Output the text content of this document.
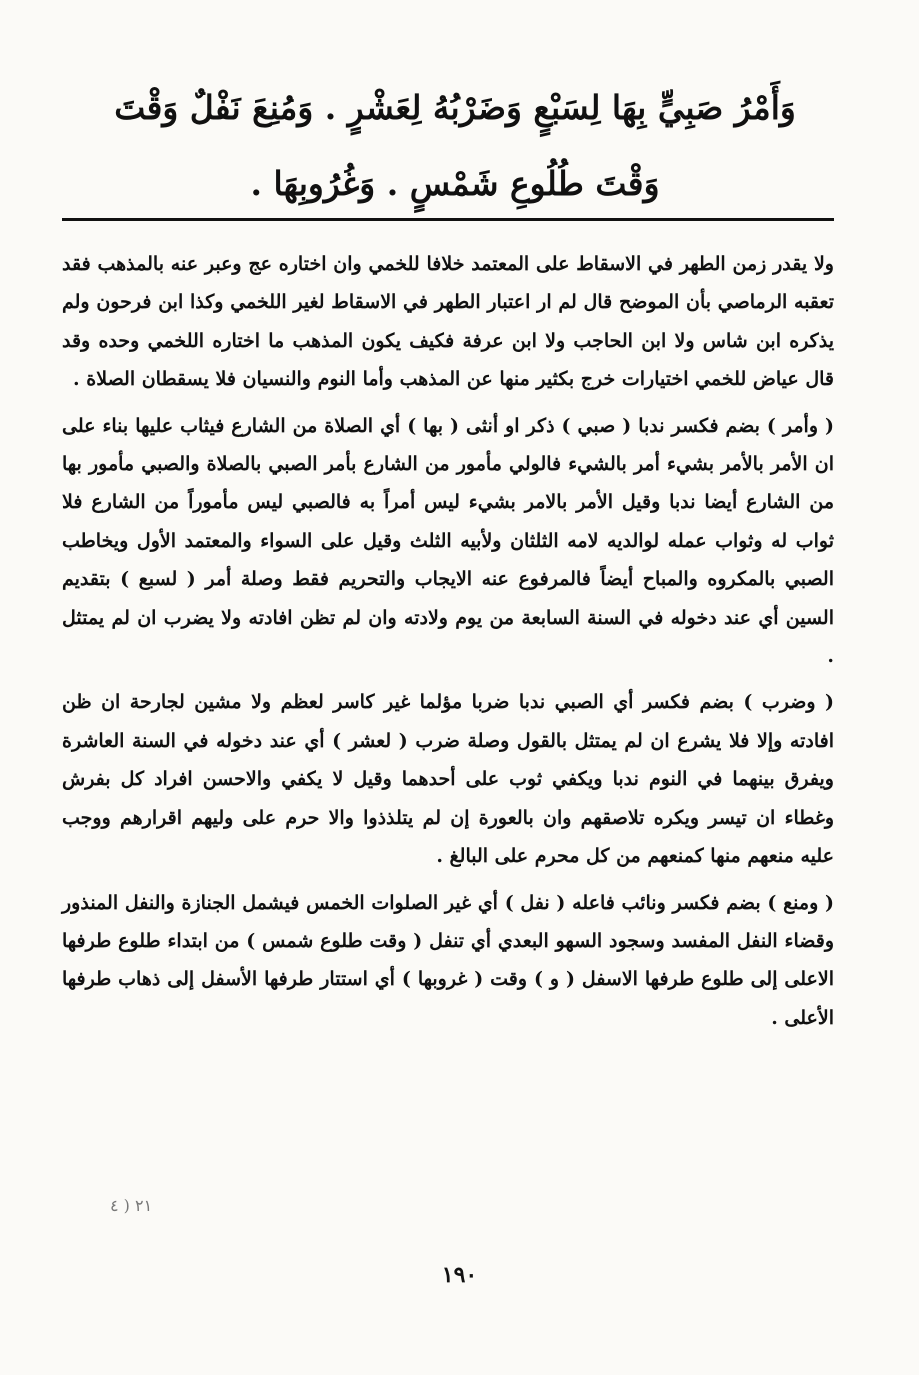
وَأَمْرُ صَبِيٍّ بِهَا لِسَبْعٍ وَضَرْبُهُ لِعَشْرٍ . وَمُنِعَ نَفْلٌ وَقْتَ
وَقْتَ طُلُوعِ شَمْسٍ . وَغُرُوبِهَا .

ولا يقدر زمن الطهر في الاسقاط على المعتمد خلافا للخمي وان اختاره عج وعبر عنه بالمذهب فقد تعقبه الرماصي بأن الموضح قال لم ار اعتبار الطهر في الاسقاط لغير اللخمي وكذا ابن فرحون ولم يذكره ابن شاس ولا ابن الحاجب ولا ابن عرفة فكيف يكون المذهب ما اختاره اللخمي وحده وقد قال عياض للخمي اختيارات خرج بكثير منها عن المذهب وأما النوم والنسيان فلا يسقطان الصلاة .

( وأمر ) بضم فكسر ندبا ( صبي ) ذكر او أنثى ( بها ) أي الصلاة من الشارع فيثاب عليها بناء على ان الأمر بالأمر بشيء أمر بالشيء فالولي مأمور من الشارع بأمر الصبي بالصلاة والصبي مأمور بها من الشارع أيضا ندبا وقيل الأمر بالامر بشيء ليس أمراً به فالصبي ليس مأموراً من الشارع فلا ثواب له وثواب عمله لوالديه لامه الثلثان ولأبيه الثلث وقيل على السواء والمعتمد الأول ويخاطب الصبي بالمكروه والمباح أيضاً فالمرفوع عنه الايجاب والتحريم فقط وصلة أمر ( لسبع ) بتقديم السين أي عند دخوله في السنة السابعة من يوم ولادته وان لم تظن افادته ولا يضرب ان لم يمتثل .

( وضرب ) بضم فكسر أي الصبي ندبا ضربا مؤلما غير كاسر لعظم ولا مشين لجارحة ان ظن افادته وإلا فلا يشرع ان لم يمتثل بالقول وصلة ضرب ( لعشر ) أي عند دخوله في السنة العاشرة ويفرق بينهما في النوم ندبا ويكفي ثوب على أحدهما وقيل لا يكفي والاحسن افراد كل بفرش وغطاء ان تيسر ويكره تلاصقهم وان بالعورة إن لم يتلذذوا والا حرم على وليهم اقرارهم ووجب عليه منعهم منها كمنعهم من كل محرم على البالغ .

( ومنع ) بضم فكسر ونائب فاعله ( نفل ) أي غير الصلوات الخمس فيشمل الجنازة والنفل المنذور وقضاء النفل المفسد وسجود السهو البعدي أي تنفل ( وقت طلوع شمس ) من ابتداء طلوع طرفها الاعلى إلى طلوع طرفها الاسفل ( و ) وقت ( غروبها ) أي استتار طرفها الأسفل إلى ذهاب طرفها الأعلى .

٢١ ( ٤
١٩٠
